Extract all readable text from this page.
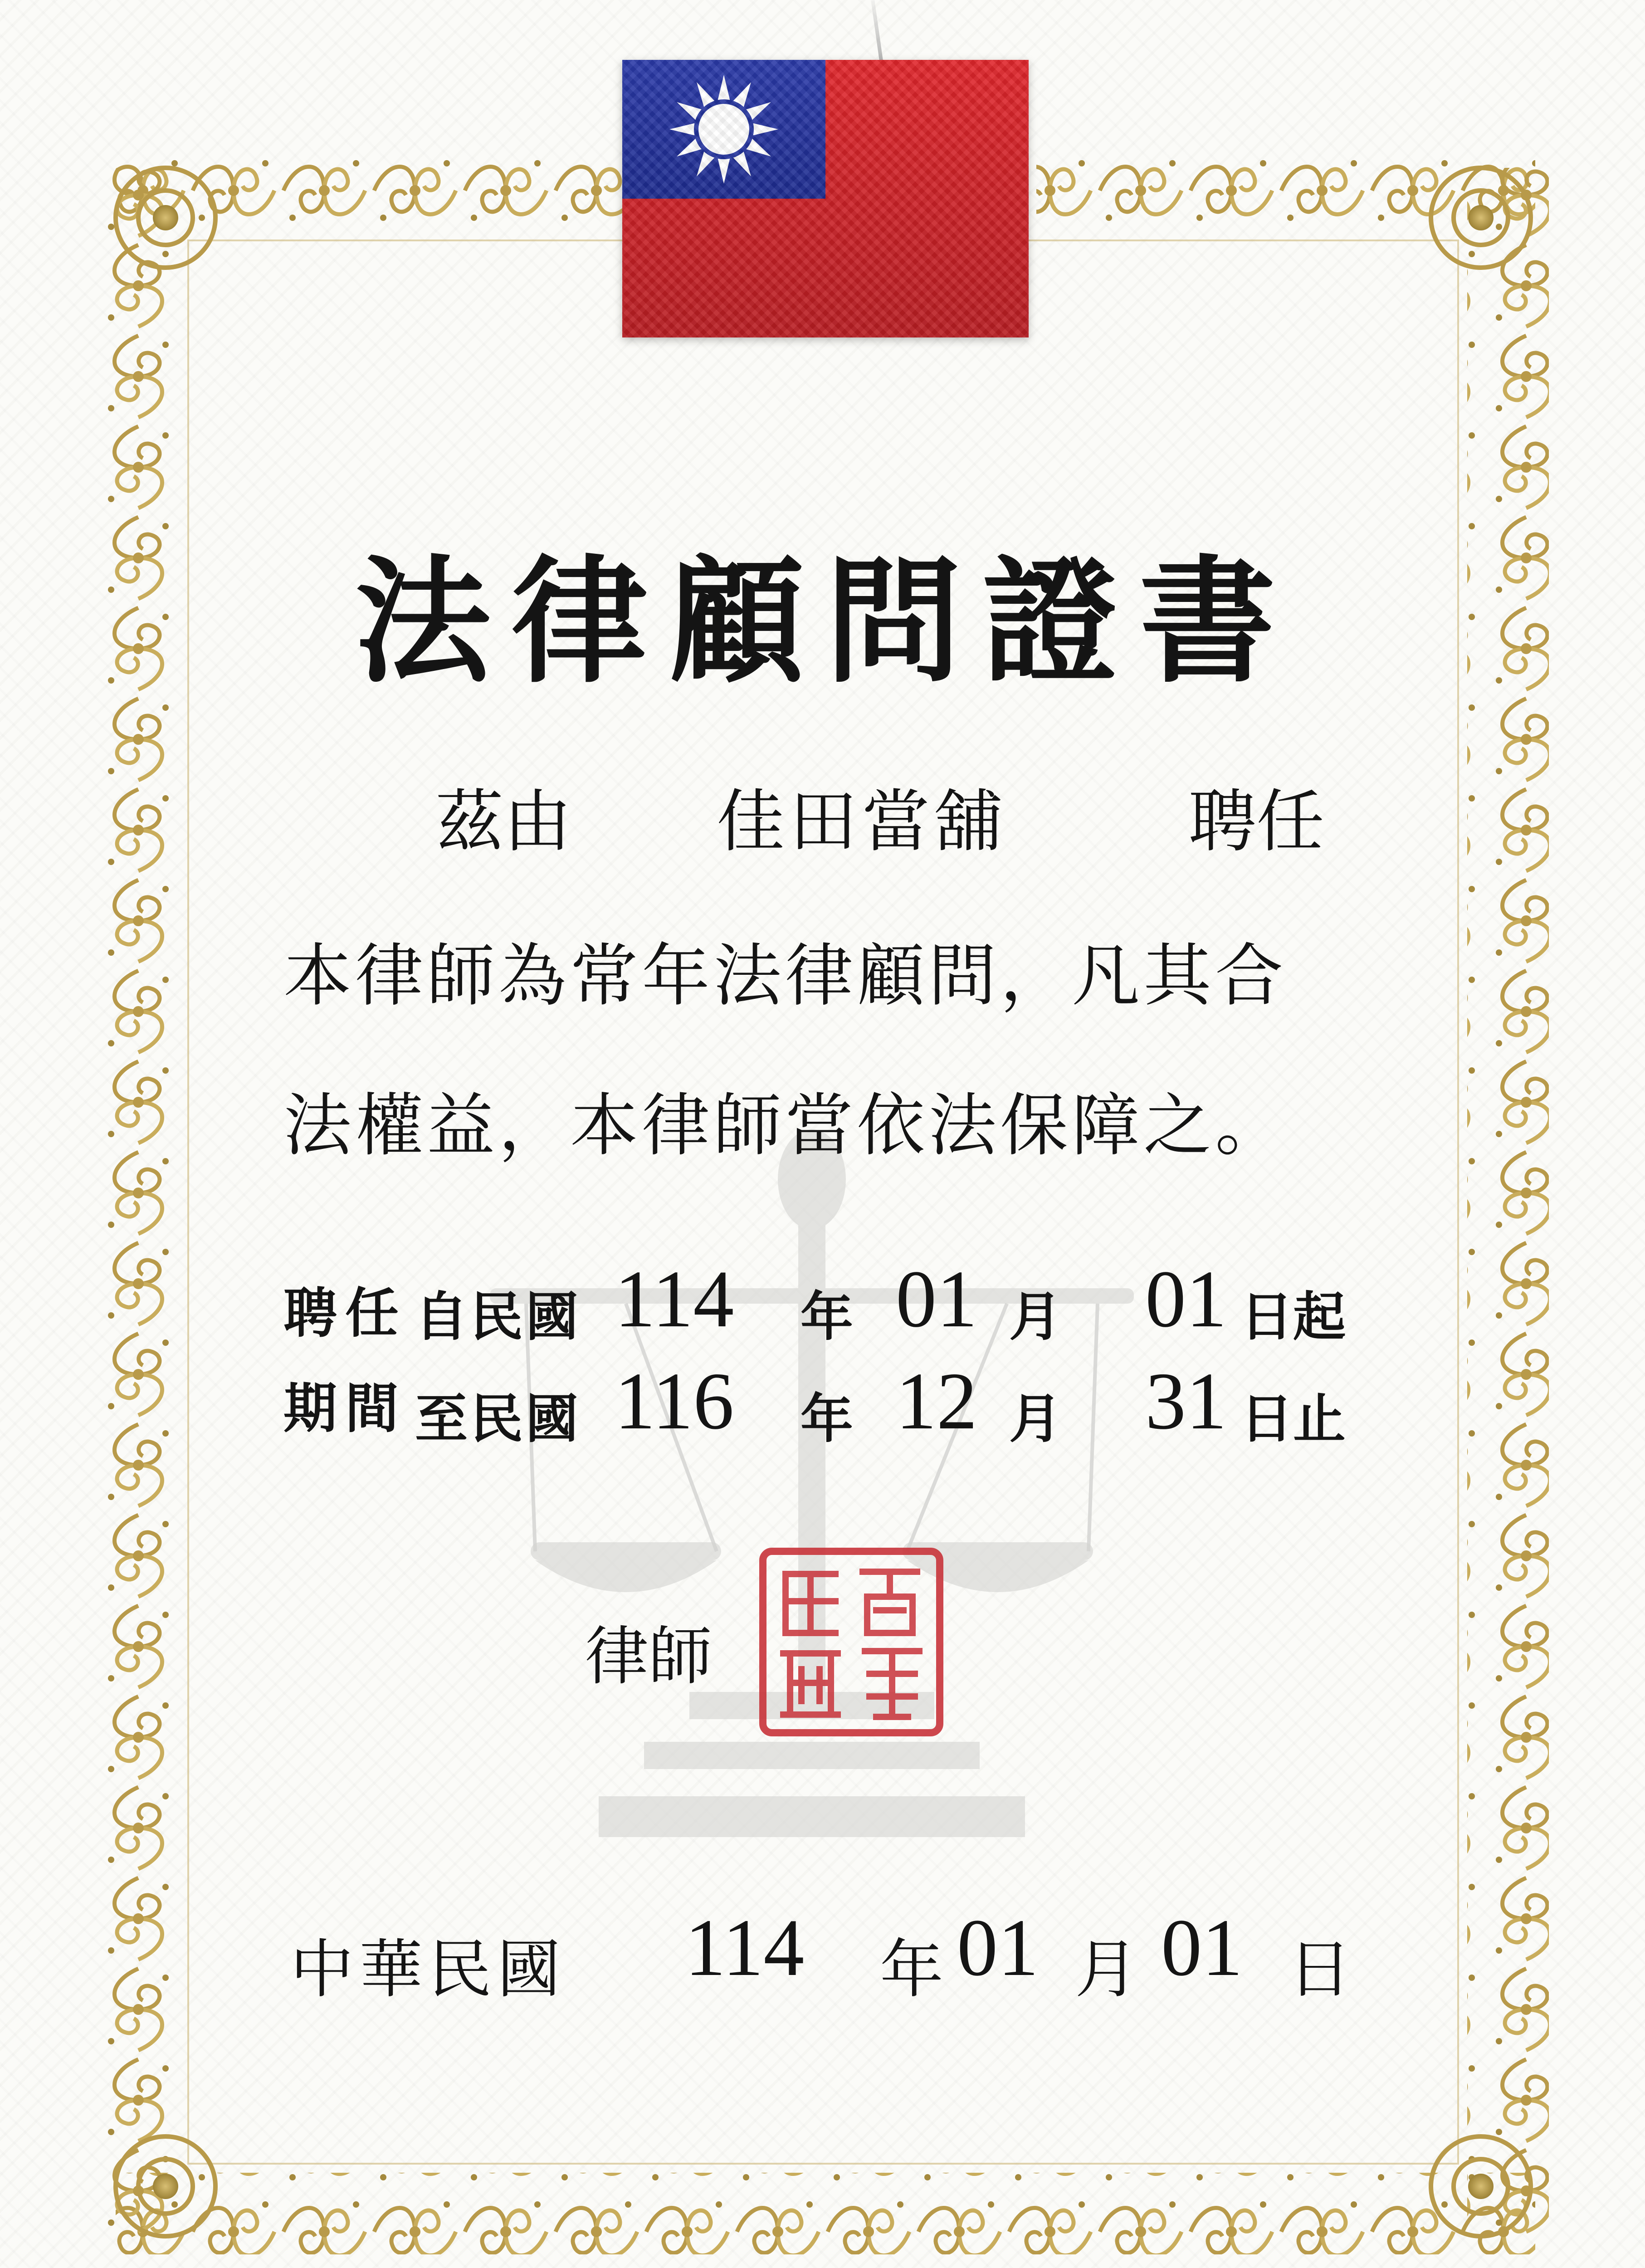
法律顧問證書
茲由 佳田當舖	聘任
本律師為常年法律顧問，凡其合
法權益，本律師當依法保障之。
聘任
期間
自民國 114 年 01 月 01 日起
至民國 116 年 12 月 31 日止
律師
中華民國 114 年 01 月 01 日
